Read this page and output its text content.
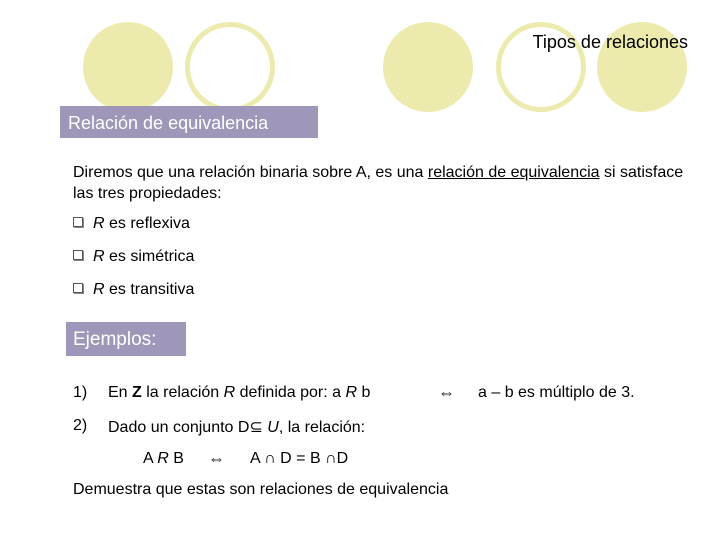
Tipos de relaciones
Relación de equivalencia
Diremos que una relación binaria sobre A, es una relación de equivalencia si satisface las tres propiedades:
R es reflexiva
R es simétrica
R es transitiva
Ejemplos:
1) En Z la relación R definida por: a R b	⇔ a – b es múltiplo de 3.
2) Dado un conjunto D⊆ U, la relación:
A R B ⇔ A ∩ D = B ∩D
Demuestra que estas son relaciones de equivalencia
